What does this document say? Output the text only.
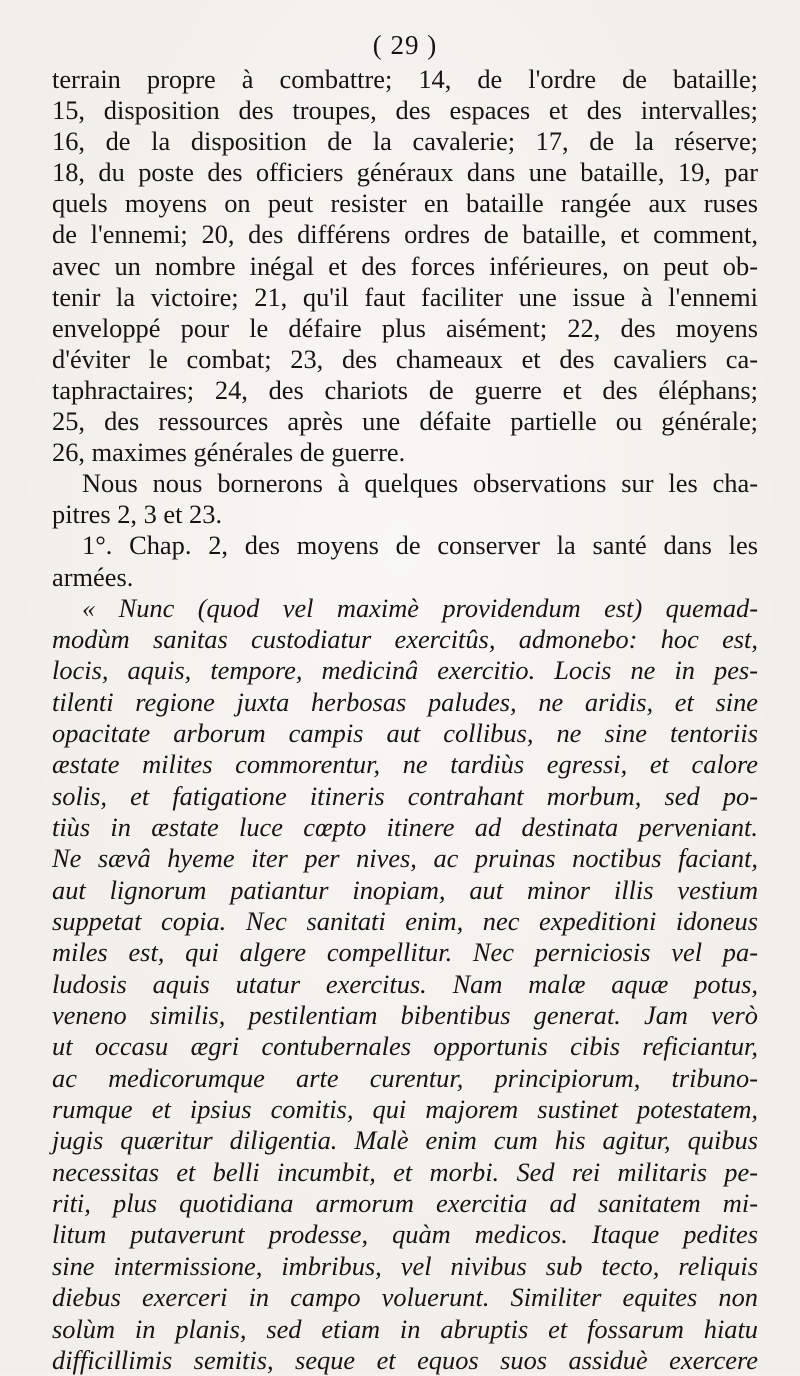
( 29 )

terrain propre à combattre; 14, de l'ordre de bataille;

15, disposition des troupes, des espaces et des intervalles;

16, de la disposition de la cavalerie; 17, de la réserve;

18, du poste des officiers généraux dans une bataille, 19, par

quels moyens on peut resister en bataille rangée aux ruses

de l'ennemi; 20, des différens ordres de bataille, et comment,

avec un nombre inégal et des forces inférieures, on peut ob-

tenir la victoire; 21, qu'il faut faciliter une issue à l'ennemi

enveloppé pour le défaire plus aisément; 22, des moyens

d'éviter le combat; 23, des chameaux et des cavaliers ca-

taphractaires; 24, des chariots de guerre et des éléphans;

25, des ressources après une défaite partielle ou générale;

26, maximes générales de guerre.

Nous nous bornerons à quelques observations sur les cha-

pitres 2, 3 et 23.

1°. Chap. 2, des moyens de conserver la santé dans les

armées.

« Nunc (quod vel maximè providendum est) quemad-

modùm sanitas custodiatur exercitûs, admonebo: hoc est,

locis, aquis, tempore, medicinâ exercitio. Locis ne in pes-

tilenti regione juxta herbosas paludes, ne aridis, et sine

opacitate arborum campis aut collibus, ne sine tentoriis

æstate milites commorentur, ne tardiùs egressi, et calore

solis, et fatigatione itineris contrahant morbum, sed po-

tiùs in æstate luce cœpto itinere ad destinata perveniant.

Ne sævâ hyeme iter per nives, ac pruinas noctibus faciant,

aut lignorum patiantur inopiam, aut minor illis vestium

suppetat copia. Nec sanitati enim, nec expeditioni idoneus

miles est, qui algere compellitur. Nec perniciosis vel pa-

ludosis aquis utatur exercitus. Nam malæ aquæ potus,

veneno similis, pestilentiam bibentibus generat. Jam verò

ut occasu ægri contubernales opportunis cibis reficiantur,

ac medicorumque arte curentur, principiorum, tribuno-

rumque et ipsius comitis, qui majorem sustinet potestatem,

jugis quæritur diligentia. Malè enim cum his agitur, quibus

necessitas et belli incumbit, et morbi. Sed rei militaris pe-

riti, plus quotidiana armorum exercitia ad sanitatem mi-

litum putaverunt prodesse, quàm medicos. Itaque pedites

sine intermissione, imbribus, vel nivibus sub tecto, reliquis

diebus exerceri in campo voluerunt. Similiter equites non

solùm in planis, sed etiam in abruptis et fossarum hiatu

difficillimis semitis, seque et equos suos assiduè exercere
